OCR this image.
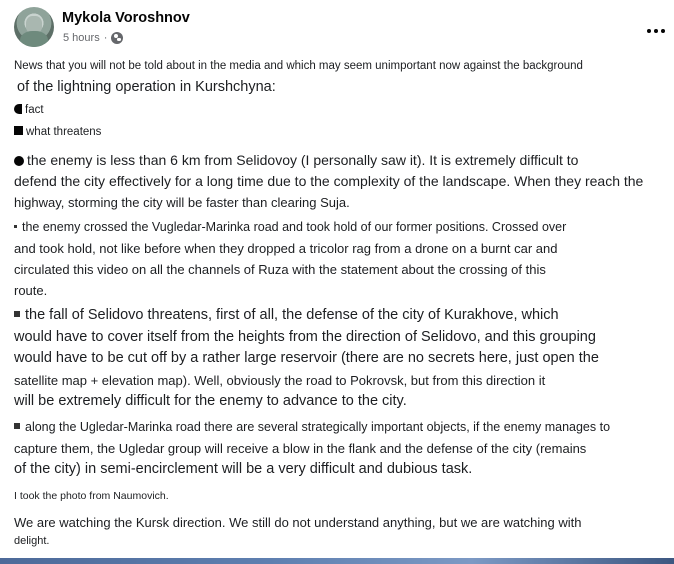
Mykola Voroshnov
5 hours ·
News that you will not be told about in the media and which may seem unimportant now against the background
of the lightning operation in Kurshchyna:
fact
what threatens
the enemy is less than 6 km from Selidovoy (I personally saw it). It is extremely difficult to
defend the city effectively for a long time due to the complexity of the landscape. When they reach the
highway, storming the city will be faster than clearing Suja.
the enemy crossed the Vugledar-Marinka road and took hold of our former positions. Crossed over
and took hold, not like before when they dropped a tricolor rag from a drone on a burnt car and
circulated this video on all the channels of Ruza with the statement about the crossing of this
route.
the fall of Selidovo threatens, first of all, the defense of the city of Kurakhove, which
would have to cover itself from the heights from the direction of Selidovo, and this grouping
would have to be cut off by a rather large reservoir (there are no secrets here, just open the
satellite map + elevation map). Well, obviously the road to Pokrovsk, but from this direction it
will be extremely difficult for the enemy to advance to the city.
along the Ugledar-Marinka road there are several strategically important objects, if the enemy manages to
capture them, the Ugledar group will receive a blow in the flank and the defense of the city (remains
of the city) in semi-encirclement will be a very difficult and dubious task.
I took the photo from Naumovich.
We are watching the Kursk direction. We still do not understand anything, but we are watching with
delight.
